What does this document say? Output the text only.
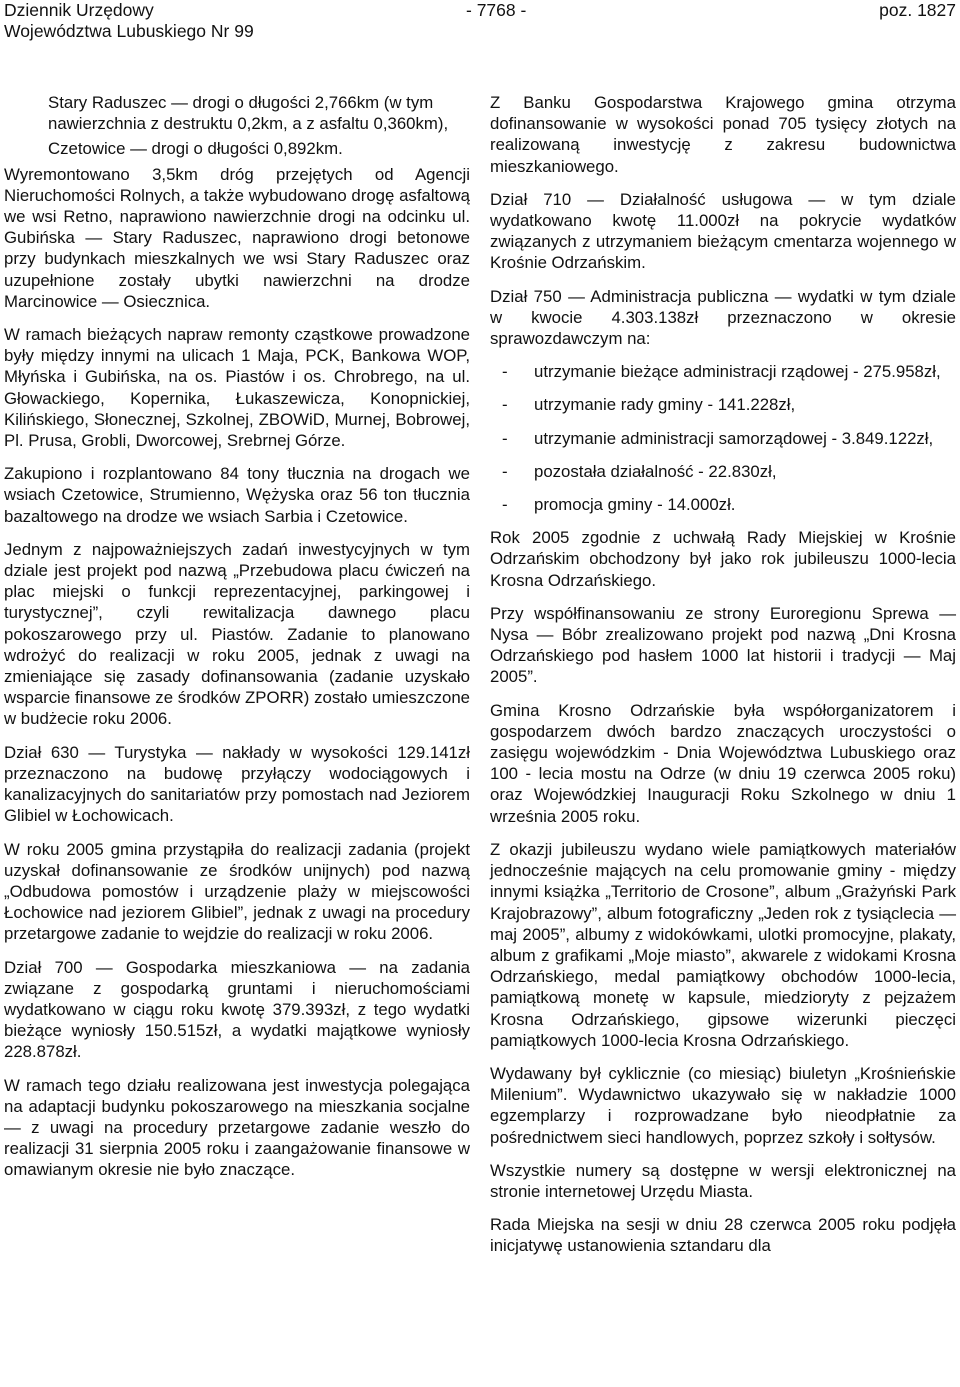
Dziennik Urzędowy
Województwa Lubuskiego Nr 99
- 7768 -	poz. 1827

Stary Raduszec — drogi o długości 2,766km (w tym nawierzchnia z destruktu 0,2km, a z asfaltu 0,360km),

Czetowice — drogi o długości 0,892km.

Wyremontowano 3,5km dróg przejętych od Agencji Nieruchomości Rolnych, a także wybudowano drogę asfaltową we wsi Retno, naprawiono nawierzchnie drogi na odcinku ul. Gubińska — Stary Raduszec, naprawiono drogi betonowe przy budynkach mieszkalnych we wsi Stary Raduszec oraz uzupełnione zostały ubytki nawierzchni na drodze Marcinowice — Osiecznica.

W ramach bieżących napraw remonty cząstkowe prowadzone były między innymi na ulicach 1 Maja, PCK, Bankowa WOP, Młyńska i Gubińska, na os. Piastów i os. Chrobrego, na ul. Głowackiego, Kopernika, Łukaszewicza, Konopnickiej, Kilińskiego, Słonecznej, Szkolnej, ZBOWiD, Murnej, Bobrowej, Pl. Prusa, Grobli, Dworcowej, Srebrnej Górze.

Zakupiono i rozplantowano 84 tony tłucznia na drogach we wsiach Czetowice, Strumienno, Wężyska oraz 56 ton tłucznia bazaltowego na drodze we wsiach Sarbia i Czetowice.

Jednym z najpoważniejszych zadań inwestycyjnych w tym dziale jest projekt pod nazwą „Przebudowa placu ćwiczeń na plac miejski o funkcji reprezentacyjnej, parkingowej i turystycznej”, czyli rewitalizacja dawnego placu pokoszarowego przy ul. Piastów. Zadanie to planowano wdrożyć do realizacji w roku 2005, jednak z uwagi na zmieniające się zasady dofinansowania (zadanie uzyskało wsparcie finansowe ze środków ZPORR) zostało umieszczone w budżecie roku 2006.

Dział 630 — Turystyka — nakłady w wysokości 129.141zł przeznaczono na budowę przyłączy wodociągowych i kanalizacyjnych do sanitariatów przy pomostach nad Jeziorem Glibiel w Łochowicach.

W roku 2005 gmina przystąpiła do realizacji zadania (projekt uzyskał dofinansowanie ze środków unijnych) pod nazwą „Odbudowa pomostów i urządzenie plaży w miejscowości Łochowice nad jeziorem Glibiel”, jednak z uwagi na procedury przetargowe zadanie to wejdzie do realizacji w roku 2006.

Dział 700 — Gospodarka mieszkaniowa — na zadania związane z gospodarką gruntami i nieruchomościami wydatkowano w ciągu roku kwotę 379.393zł, z tego wydatki bieżące wyniosły 150.515zł, a wydatki majątkowe wyniosły 228.878zł.

W ramach tego działu realizowana jest inwestycja polegająca na adaptacji budynku pokoszarowego na mieszkania socjalne — z uwagi na procedury przetargowe zadanie weszło do realizacji 31 sierpnia 2005 roku i zaangażowanie finansowe w omawianym okresie nie było znaczące.

Z Banku Gospodarstwa Krajowego gmina otrzyma dofinansowanie w wysokości ponad 705 tysięcy złotych na realizowaną inwestycję z zakresu budownictwa mieszkaniowego.

Dział 710 — Działalność usługowa — w tym dziale wydatkowano kwotę 11.000zł na pokrycie wydatków związanych z utrzymaniem bieżącym cmentarza wojennego w Krośnie Odrzańskim.

Dział 750 — Administracja publiczna — wydatki w tym dziale w kwocie 4.303.138zł przeznaczono w okresie sprawozdawczym na:

- utrzymanie bieżące administracji rządowej - 275.958zł,
- utrzymanie rady gminy - 141.228zł,
- utrzymanie administracji samorządowej - 3.849.122zł,
- pozostała działalność - 22.830zł,
- promocja gminy - 14.000zł.

Rok 2005 zgodnie z uchwałą Rady Miejskiej w Krośnie Odrzańskim obchodzony był jako rok jubileuszu 1000-lecia Krosna Odrzańskiego.

Przy współfinansowaniu ze strony Euroregionu Sprewa — Nysa — Bóbr zrealizowano projekt pod nazwą „Dni Krosna Odrzańskiego pod hasłem 1000 lat historii i tradycji — Maj 2005”.

Gmina Krosno Odrzańskie była współorganizatorem i gospodarzem dwóch bardzo znaczących uroczystości o zasięgu wojewódzkim - Dnia Województwa Lubuskiego oraz 100 - lecia mostu na Odrze (w dniu 19 czerwca 2005 roku) oraz Wojewódzkiej Inauguracji Roku Szkolnego w dniu 1 września 2005 roku.

Z okazji jubileuszu wydano wiele pamiątkowych materiałów jednocześnie mających na celu promowanie gminy - między innymi książka „Territorio de Crosone”, album „Grażyński Park Krajobrazowy”, album fotograficzny „Jeden rok z tysiąclecia — maj 2005”, albumy z widokówkami, ulotki promocyjne, plakaty, album z grafikami „Moje miasto”, akwarele z widokami Krosna Odrzańskiego, medal pamiątkowy obchodów 1000-lecia, pamiątkową monetę w kapsule, miedzioryty z pejzażem Krosna Odrzańskiego, gipsowe wizerunki pieczęci pamiątkowych 1000-lecia Krosna Odrzańskiego.

Wydawany był cyklicznie (co miesiąc) biuletyn „Krośnieńskie Milenium”. Wydawnictwo ukazywało się w nakładzie 1000 egzemplarzy i rozprowadzane było nieodpłatnie za pośrednictwem sieci handlowych, poprzez szkoły i sołtysów.

Wszystkie numery są dostępne w wersji elektronicznej na stronie internetowej Urzędu Miasta.

Rada Miejska na sesji w dniu 28 czerwca 2005 roku podjęła inicjatywę ustanowienia sztandaru dla
